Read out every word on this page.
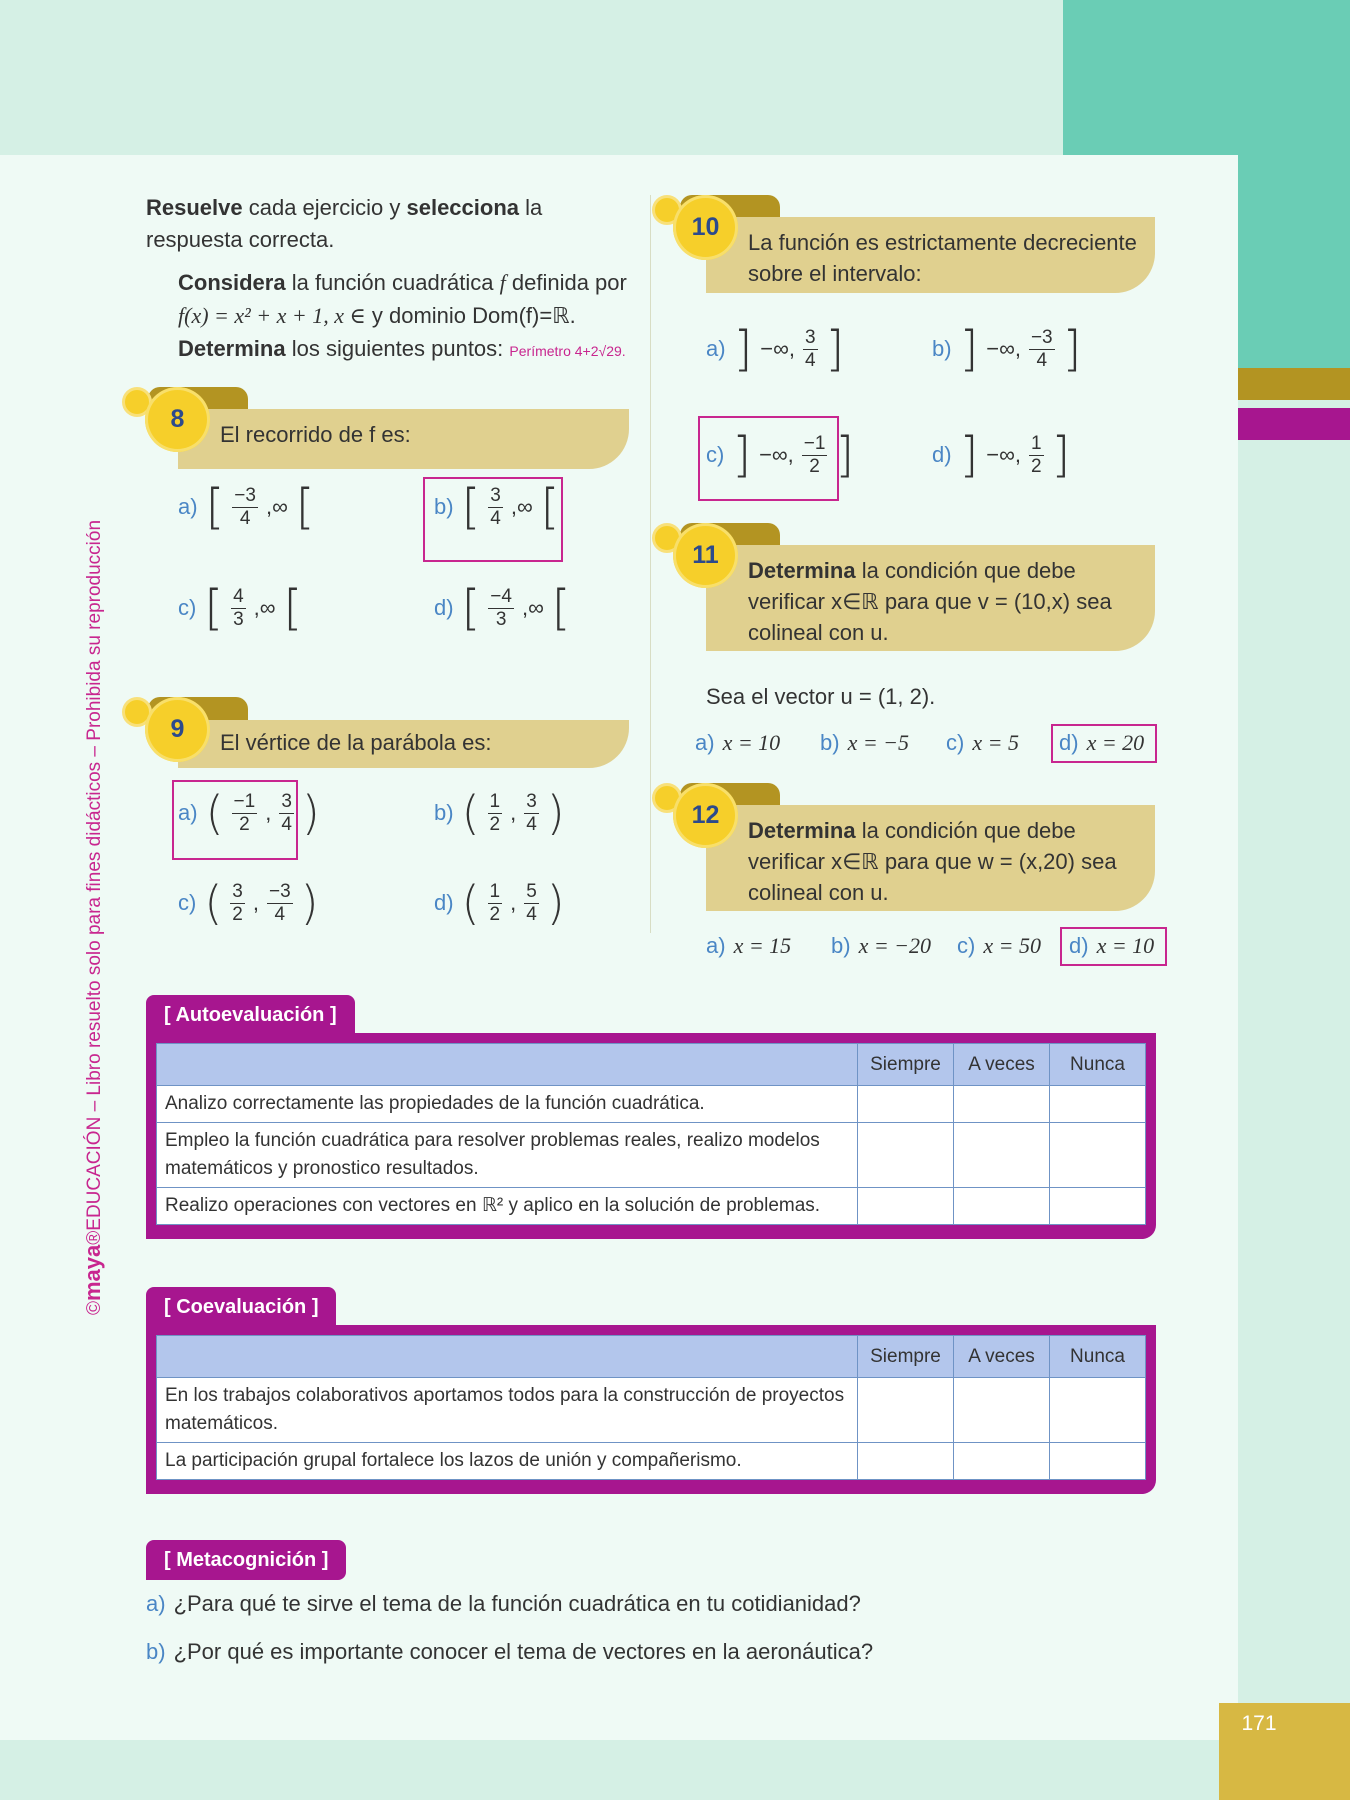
171
©maya®EDUCACIÓN – Libro resuelto solo para fines didácticos – Prohibida su reproducción
Resuelve cada ejercicio y selecciona la respuesta correcta.
Considera la función cuadrática f definida por
f(x) = x² + x + 1, x ∈ y dominio Dom(f)=ℝ.
Determina los siguientes puntos: Perímetro 4+2√29.
8
El recorrido de f es:
a) [ $\frac{-3}{4}$ ,∞ [	b) [ $\frac{3}{4}$ ,∞ [
c) [ $\frac{4}{3}$ ,∞ [	d) [ $\frac{-4}{3}$ ,∞ [
9	El vértice de la parábola es:
a) ( $\frac{-1}{2}$ , $\frac{3}{4}$ )	b) ( $\frac{1}{2}$ , $\frac{3}{4}$ )
c) ( $\frac{3}{2}$ , $\frac{-3}{4}$ )	d) ( $\frac{1}{2}$ , $\frac{5}{4}$ )
10
La función es estrictamente decreciente sobre el intervalo:
a) ] −∞, $\frac{3}{4}$ ]	b) ] −∞, $\frac{-3}{4}$ ]
c) ] −∞, $\frac{-1}{2}$ ]	d) ] −∞, $\frac{1}{2}$ ]
11
Determina la condición que debe
verificar x∈ℝ para que v = (10,x) sea
colineal con u.
Sea el vector u = (1, 2).
a) x = 10 b) x = −5 c) x = 5 d) x = 20
12
Determina la condición que debe
verificar x∈ℝ para que w = (x,20) sea
colineal con u.
a) x = 15 b) x = −20 c) x = 50 d) x = 10
[ Autoevaluación ]
	Siempre	A veces	Nunca
Analizo correctamente las propiedades de la función cuadrática.			
Empleo la función cuadrática para resolver problemas reales, realizo modelos matemáticos y pronostico resultados.			
Realizo operaciones con vectores en ℝ² y aplico en la solución de problemas.			
[ Coevaluación ]
	Siempre	A veces	Nunca
En los trabajos colaborativos aportamos todos para la construcción de proyectos matemáticos.			
La participación grupal fortalece los lazos de unión y compañerismo.			
[ Metacognición ]
a) ¿Para qué te sirve el tema de la función cuadrática en tu cotidianidad?
b) ¿Por qué es importante conocer el tema de vectores en la aeronáutica?
